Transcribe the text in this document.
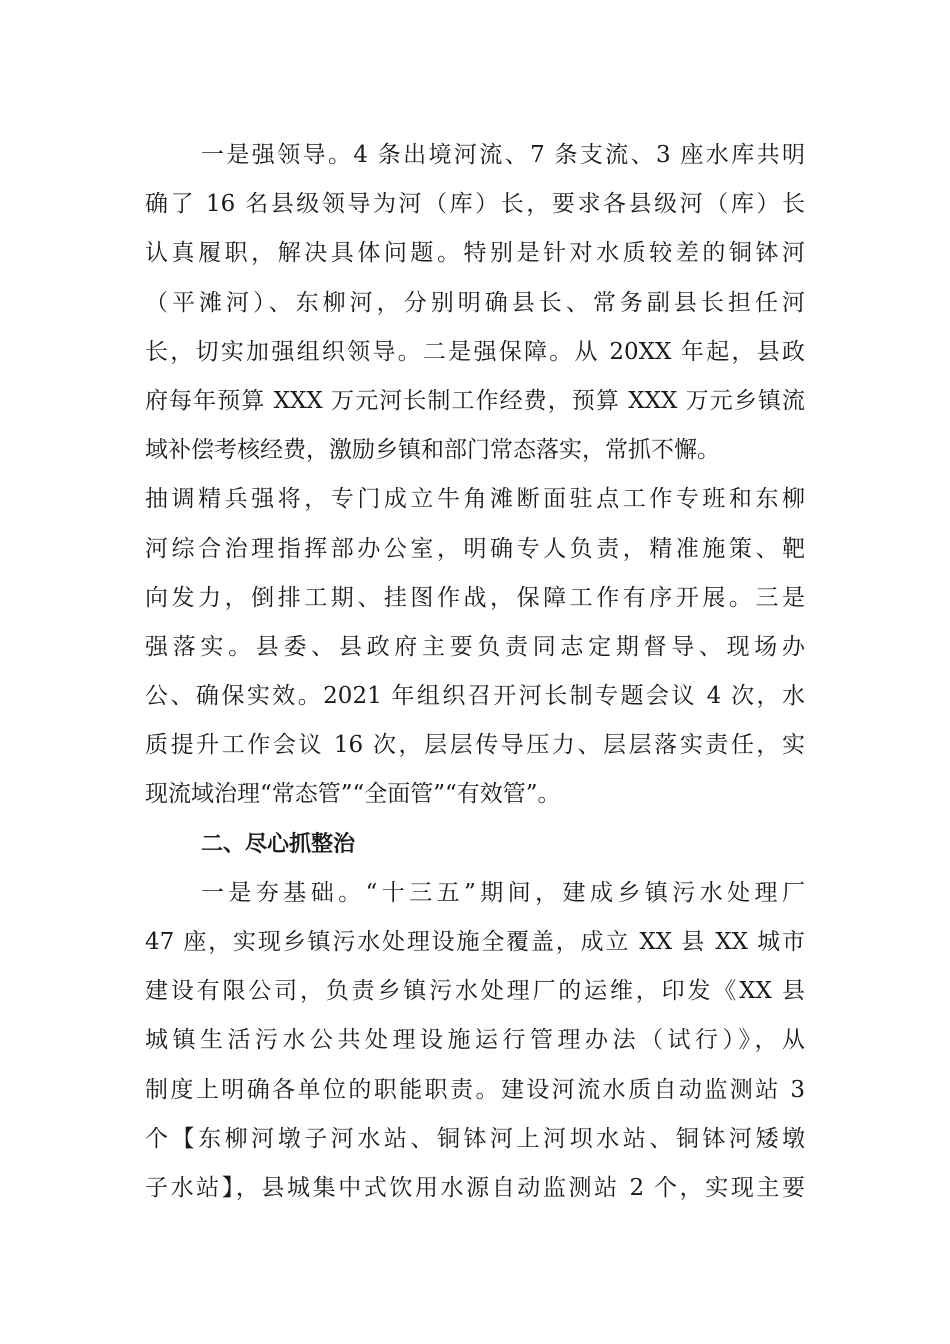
一是强领导。4 条出境河流、7 条支流、3 座水库共明
确了 16 名县级领导为河（库）长，要求各县级河（库）长
认真履职，解决具体问题。特别是针对水质较差的铜钵河
（平滩河）、东柳河，分别明确县长、常务副县长担任河
长，切实加强组织领导。二是强保障。从 20XX 年起，县政
府每年预算 XXX 万元河长制工作经费，预算 XXX 万元乡镇流
域补偿考核经费，激励乡镇和部门常态落实，常抓不懈。
抽调精兵强将，专门成立牛角滩断面驻点工作专班和东柳
河综合治理指挥部办公室，明确专人负责，精准施策、靶
向发力，倒排工期、挂图作战，保障工作有序开展。三是
强落实。县委、县政府主要负责同志定期督导、现场办
公、确保实效。2021 年组织召开河长制专题会议 4 次，水
质提升工作会议 16 次，层层传导压力、层层落实责任，实
现流域治理“常态管”“全面管”“有效管”。

二、尽心抓整治

一是夯基础。“十三五”期间，建成乡镇污水处理厂
47 座，实现乡镇污水处理设施全覆盖，成立 XX 县 XX 城市
建设有限公司，负责乡镇污水处理厂的运维，印发《XX 县
城镇生活污水公共处理设施运行管理办法（试行）》，从
制度上明确各单位的职能职责。建设河流水质自动监测站 3
个【东柳河墩子河水站、铜钵河上河坝水站、铜钵河矮墩
子水站】，县城集中式饮用水源自动监测站 2 个，实现主要
